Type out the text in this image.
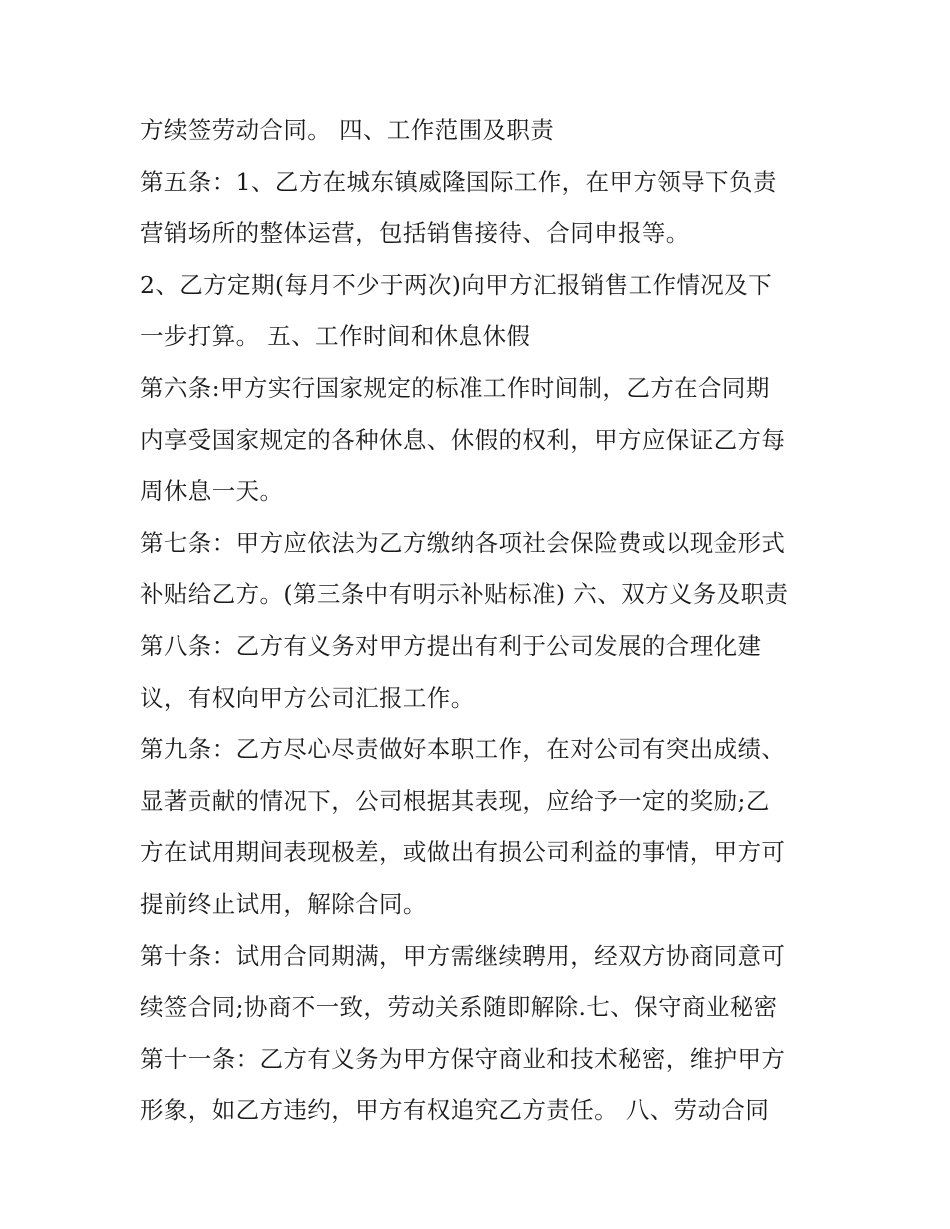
方续签劳动合同。 四、工作范围及职责
第五条：1、乙方在城东镇威隆国际工作，在甲方领导下负责
营销场所的整体运营，包括销售接待、合同申报等。
2、乙方定期(每月不少于两次)向甲方汇报销售工作情况及下
一步打算。 五、工作时间和休息休假
第六条:甲方实行国家规定的标准工作时间制，乙方在合同期
内享受国家规定的各种休息、休假的权利，甲方应保证乙方每
周休息一天。
第七条：甲方应依法为乙方缴纳各项社会保险费或以现金形式
补贴给乙方。(第三条中有明示补贴标准) 六、双方义务及职责
第八条：乙方有义务对甲方提出有利于公司发展的合理化建
议，有权向甲方公司汇报工作。
第九条：乙方尽心尽责做好本职工作，在对公司有突出成绩、
显著贡献的情况下，公司根据其表现，应给予一定的奖励;乙
方在试用期间表现极差，或做出有损公司利益的事情，甲方可
提前终止试用，解除合同。
第十条：试用合同期满，甲方需继续聘用，经双方协商同意可
续签合同;协商不一致，劳动关系随即解除.七、保守商业秘密
第十一条：乙方有义务为甲方保守商业和技术秘密，维护甲方
形象，如乙方违约，甲方有权追究乙方责任。 八、劳动合同
